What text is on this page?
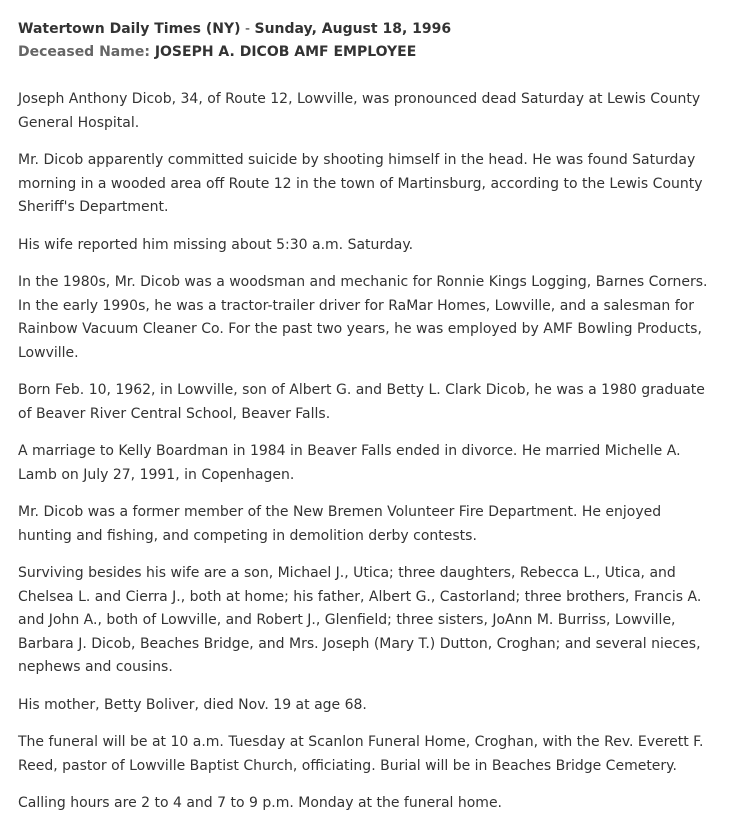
Watertown Daily Times (NY) - Sunday, August 18, 1996
Deceased Name: JOSEPH A. DICOB AMF EMPLOYEE

Joseph Anthony Dicob, 34, of Route 12, Lowville, was pronounced dead Saturday at Lewis County General Hospital.

Mr. Dicob apparently committed suicide by shooting himself in the head. He was found Saturday morning in a wooded area off Route 12 in the town of Martinsburg, according to the Lewis County Sheriff's Department.

His wife reported him missing about 5:30 a.m. Saturday.

In the 1980s, Mr. Dicob was a woodsman and mechanic for Ronnie Kings Logging, Barnes Corners. In the early 1990s, he was a tractor-trailer driver for RaMar Homes, Lowville, and a salesman for Rainbow Vacuum Cleaner Co. For the past two years, he was employed by AMF Bowling Products, Lowville.

Born Feb. 10, 1962, in Lowville, son of Albert G. and Betty L. Clark Dicob, he was a 1980 graduate of Beaver River Central School, Beaver Falls.

A marriage to Kelly Boardman in 1984 in Beaver Falls ended in divorce. He married Michelle A. Lamb on July 27, 1991, in Copenhagen.

Mr. Dicob was a former member of the New Bremen Volunteer Fire Department. He enjoyed hunting and fishing, and competing in demolition derby contests.

Surviving besides his wife are a son, Michael J., Utica; three daughters, Rebecca L., Utica, and Chelsea L. and Cierra J., both at home; his father, Albert G., Castorland; three brothers, Francis A. and John A., both of Lowville, and Robert J., Glenfield; three sisters, JoAnn M. Burriss, Lowville, Barbara J. Dicob, Beaches Bridge, and Mrs. Joseph (Mary T.) Dutton, Croghan; and several nieces, nephews and cousins.

His mother, Betty Boliver, died Nov. 19 at age 68.

The funeral will be at 10 a.m. Tuesday at Scanlon Funeral Home, Croghan, with the Rev. Everett F. Reed, pastor of Lowville Baptist Church, officiating. Burial will be in Beaches Bridge Cemetery.

Calling hours are 2 to 4 and 7 to 9 p.m. Monday at the funeral home.
